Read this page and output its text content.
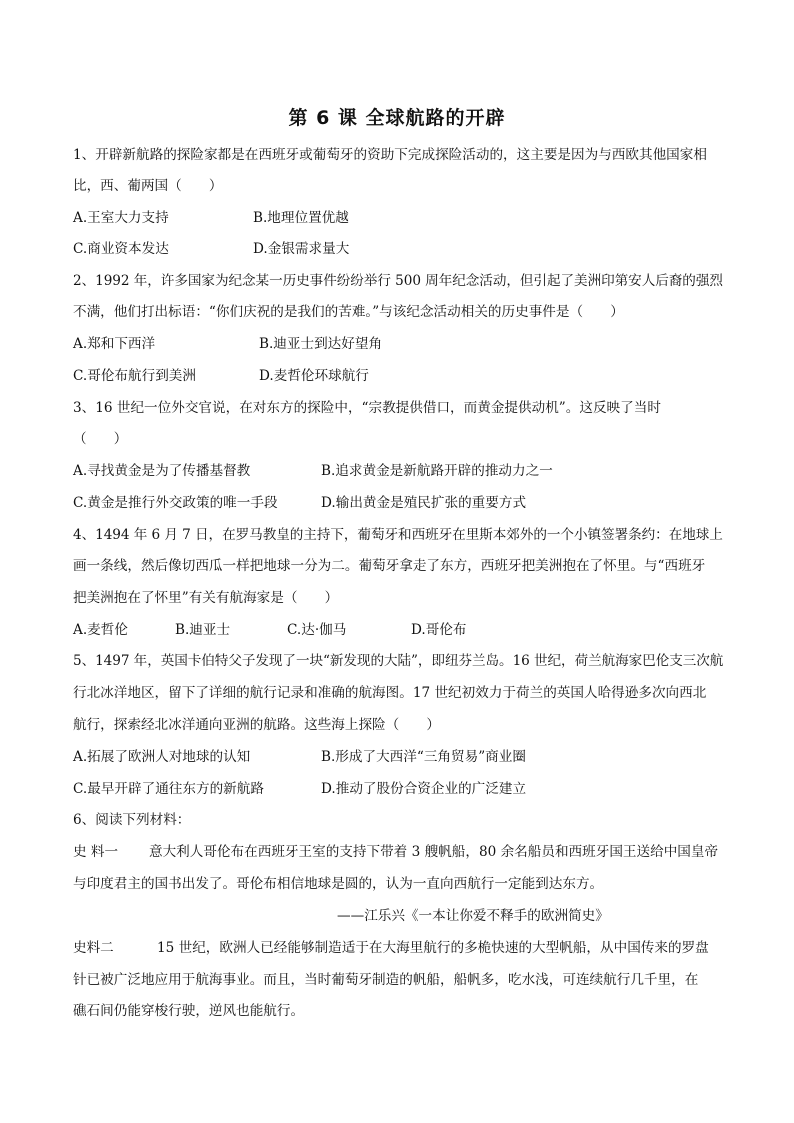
第 6 课 全球航路的开辟
1、开辟新航路的探险家都是在西班牙或葡萄牙的资助下完成探险活动的，这主要是因为与西欧其他国家相
比，西、葡两国（　　）
A.王室大力支持	B.地理位置优越
C.商业资本发达	D.金银需求量大
2、1992 年，许多国家为纪念某一历史事件纷纷举行 500 周年纪念活动，但引起了美洲印第安人后裔的强烈
不满，他们打出标语：“你们庆祝的是我们的苦难。”与该纪念活动相关的历史事件是（　　）
A.郑和下西洋	B.迪亚士到达好望角
C.哥伦布航行到美洲	D.麦哲伦环球航行
3、16 世纪一位外交官说，在对东方的探险中，“宗教提供借口，而黄金提供动机”。这反映了当时
（　　）
A.寻找黄金是为了传播基督教	B.追求黄金是新航路开辟的推动力之一
C.黄金是推行外交政策的唯一手段	D.输出黄金是殖民扩张的重要方式
4、1494 年 6 月 7 日，在罗马教皇的主持下，葡萄牙和西班牙在里斯本郊外的一个小镇签署条约：在地球上
画一条线，然后像切西瓜一样把地球一分为二。葡萄牙拿走了东方，西班牙把美洲抱在了怀里。与“西班牙
把美洲抱在了怀里”有关有航海家是（　　）
A.麦哲伦	B.迪亚士	C.达·伽马	D.哥伦布
5、1497 年，英国卡伯特父子发现了一块“新发现的大陆”，即纽芬兰岛。16 世纪，荷兰航海家巴伦支三次航
行北冰洋地区，留下了详细的航行记录和准确的航海图。17 世纪初效力于荷兰的英国人哈得逊多次向西北
航行，探索经北冰洋通向亚洲的航路。这些海上探险（　　）
A.拓展了欧洲人对地球的认知	B.形成了大西洋“三角贸易”商业圈
C.最早开辟了通往东方的新航路	D.推动了股份合资企业的广泛建立
6、阅读下列材料：
史 料一 意大利人哥伦布在西班牙王室的支持下带着 3 艘帆船，80 余名船员和西班牙国王送给中国皇帝
与印度君主的国书出发了。哥伦布相信地球是圆的，认为一直向西航行一定能到达东方。
——江乐兴《一本让你爱不释手的欧洲简史》
史料二	15 世纪，欧洲人已经能够制造适于在大海里航行的多桅快速的大型帆船，从中国传来的罗盘
针已被广泛地应用于航海事业。而且，当时葡萄牙制造的帆船，船帆多，吃水浅，可连续航行几千里，在
礁石间仍能穿梭行驶，逆风也能航行。
